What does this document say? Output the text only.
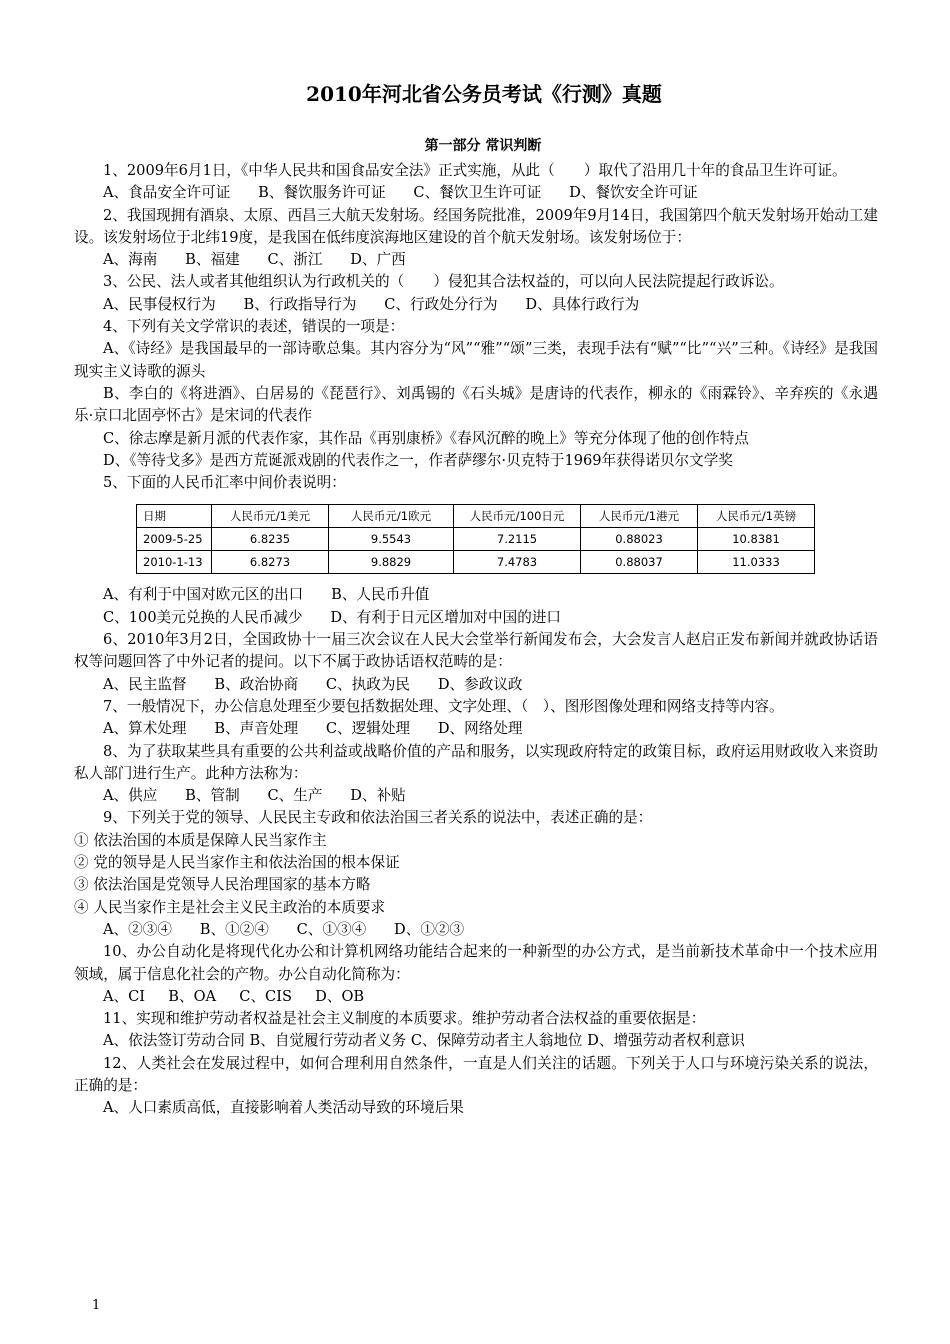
2010年河北省公务员考试《行测》真题
第一部分 常识判断

1、2009年6月1日，《中华人民共和国食品安全法》正式实施，从此（　　）取代了沿用几十年的食品卫生许可证。

A、食品安全许可证      B、餐饮服务许可证      C、餐饮卫生许可证      D、餐饮安全许可证

2、我国现拥有酒泉、太原、西昌三大航天发射场。经国务院批准，2009年9月14日，我国第四个航天发射场开始动工建设。该发射场位于北纬19度，是我国在低纬度滨海地区建设的首个航天发射场。该发射场位于：

A、海南      B、福建      C、浙江      D、广西

3、公民、法人或者其他组织认为行政机关的（　　）侵犯其合法权益的，可以向人民法院提起行政诉讼。

A、民事侵权行为      B、行政指导行为      C、行政处分行为      D、具体行政行为

4、下列有关文学常识的表述，错误的一项是：

A、《诗经》是我国最早的一部诗歌总集。其内容分为“风”“雅”“颂”三类，表现手法有“赋”“比”“兴”三种。《诗经》是我国现实主义诗歌的源头

B、李白的《将进酒》、白居易的《琵琶行》、刘禹锡的《石头城》是唐诗的代表作，柳永的《雨霖铃》、辛弃疾的《永遇乐·京口北固亭怀古》是宋词的代表作

C、徐志摩是新月派的代表作家，其作品《再别康桥》《春风沉醉的晚上》等充分体现了他的创作特点

D、《等待戈多》是西方荒诞派戏剧的代表作之一，作者萨缪尔·贝克特于1969年获得诺贝尔文学奖

5、下面的人民币汇率中间价表说明：

日期	人民币元/1美元	人民币元/1欧元	人民币元/100日元	人民币元/1港元	人民币元/1英镑
2009-5-25	6.8235	9.5543	7.2115	0.88023	10.8381
2010-1-13	6.8273	9.8829	7.4783	0.88037	11.0333

A、有利于中国对欧元区的出口      B、人民币升值

C、100美元兑换的人民币减少      D、有利于日元区增加对中国的进口

6、2010年3月2日，全国政协十一届三次会议在人民大会堂举行新闻发布会，大会发言人赵启正发布新闻并就政协话语权等问题回答了中外记者的提问。以下不属于政协话语权范畴的是：

A、民主监督      B、政治协商      C、执政为民      D、参政议政

7、一般情况下，办公信息处理至少要包括数据处理、文字处理、（　）、图形图像处理和网络支持等内容。

A、算术处理      B、声音处理      C、逻辑处理      D、网络处理

8、为了获取某些具有重要的公共利益或战略价值的产品和服务，以实现政府特定的政策目标，政府运用财政收入来资助私人部门进行生产。此种方法称为：

A、供应      B、管制      C、生产      D、补贴

9、下列关于党的领导、人民民主专政和依法治国三者关系的说法中，表述正确的是：

① 依法治国的本质是保障人民当家作主

② 党的领导是人民当家作主和依法治国的根本保证

③ 依法治国是党领导人民治理国家的基本方略

④ 人民当家作主是社会主义民主政治的本质要求

A、②③④      B、①②④      C、①③④      D、①②③

10、办公自动化是将现代化办公和计算机网络功能结合起来的一种新型的办公方式，是当前新技术革命中一个技术应用领域，属于信息化社会的产物。办公自动化简称为：

A、CI     B、OA     C、CIS     D、OB

11、实现和维护劳动者权益是社会主义制度的本质要求。维护劳动者合法权益的重要依据是：

A、依法签订劳动合同 B、自觉履行劳动者义务 C、保障劳动者主人翁地位 D、增强劳动者权利意识

12、人类社会在发展过程中，如何合理利用自然条件，一直是人们关注的话题。下列关于人口与环境污染关系的说法，正确的是：

A、人口素质高低，直接影响着人类活动导致的环境后果

1
